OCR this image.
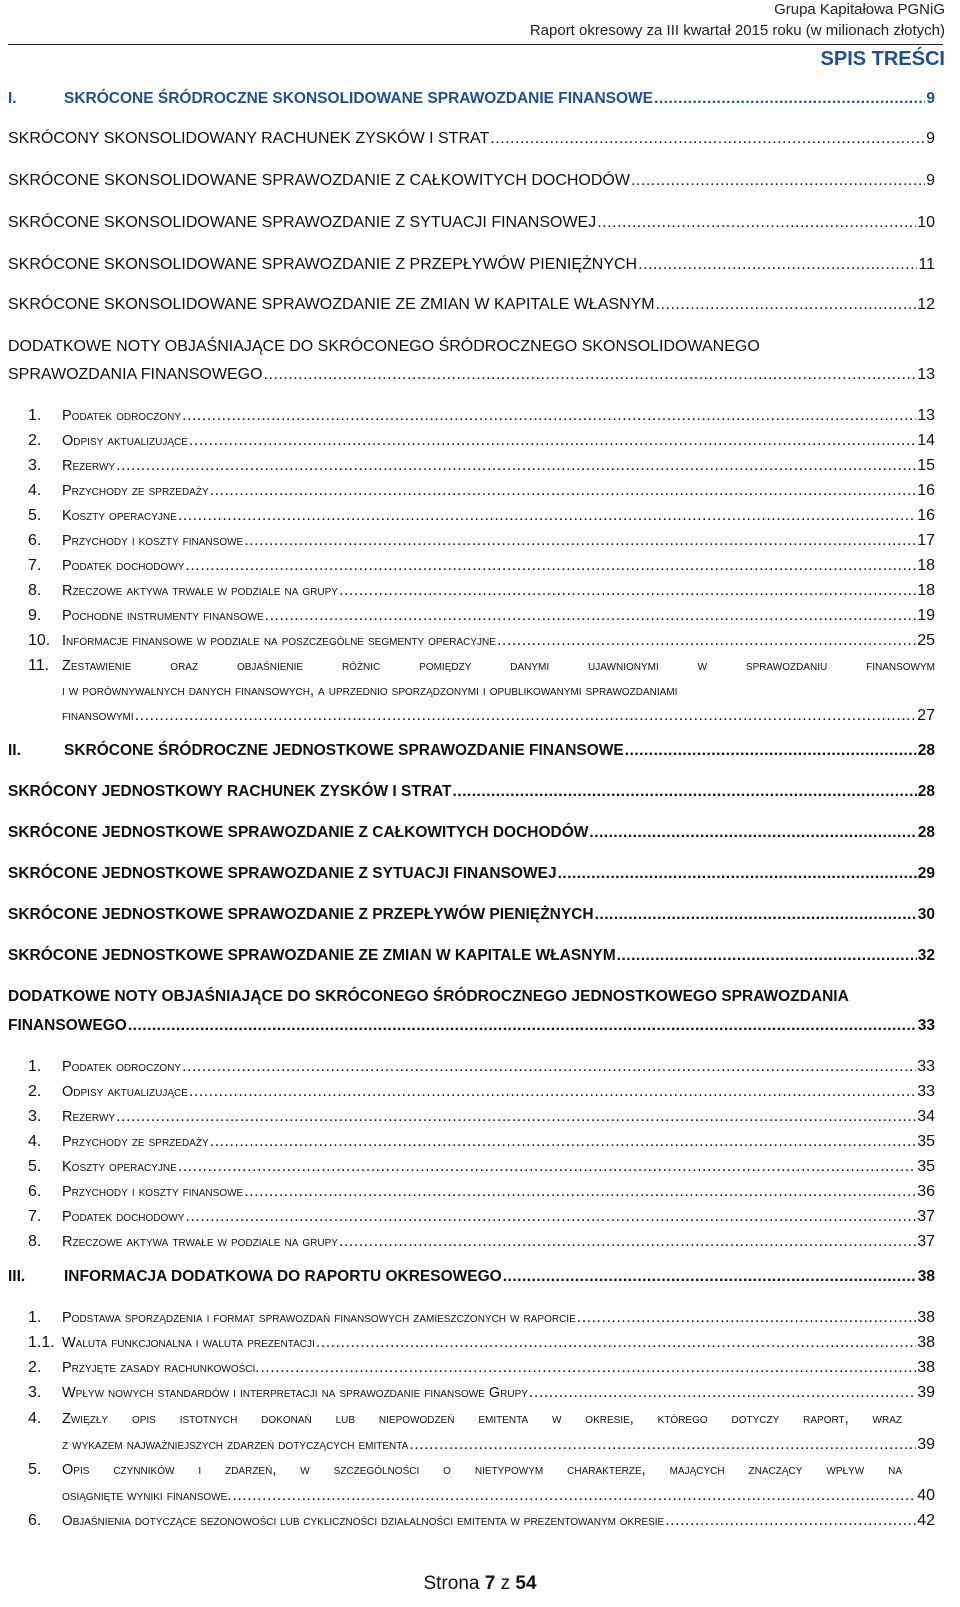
Grupa Kapitałowa PGNiG
Raport okresowy za III kwartał 2015 roku (w milionach złotych)
SPIS TREŚCI
I.	SKRÓCONE ŚRÓDROCZNE SKONSOLIDOWANE SPRAWOZDANIE FINANSOWE .....	9
SKRÓCONY SKONSOLIDOWANY RACHUNEK ZYSKÓW I STRAT .....	9
SKRÓCONE SKONSOLIDOWANE SPRAWOZDANIE Z CAŁKOWITYCH DOCHODÓW .....	9
SKRÓCONE SKONSOLIDOWANE SPRAWOZDANIE Z SYTUACJI FINANSOWEJ .....	10
SKRÓCONE SKONSOLIDOWANE SPRAWOZDANIE Z PRZEPŁYWÓW PIENIĘŻNYCH .....	11
SKRÓCONE SKONSOLIDOWANE SPRAWOZDANIE ZE ZMIAN W KAPITALE WŁASNYM .....	12
DODATKOWE NOTY OBJAŚNIAJĄCE DO SKRÓCONEGO ŚRÓDROCZNEGO SKONSOLIDOWANEGO
SPRAWOZDANIA FINANSOWEGO .....	13
1.	Podatek odroczony .....	13
2.	Odpisy aktualizujące .....	14
3.	Rezerwy .....	15
4.	Przychody ze sprzedaży .....	16
5.	Koszty operacyjne .....	16
6.	Przychody i koszty finansowe .....	17
7.	Podatek dochodowy .....	18
8.	Rzeczowe aktywa trwałe w podziale na grupy .....	18
9.	Pochodne instrumenty finansowe .....	19
10. Informacje finansowe w podziale na poszczególne segmenty operacyjne .....	25
11. Zestawienie oraz objaśnienie różnic pomiędzy danymi ujawnionymi w sprawozdaniu finansowym
i w porównywalnych danych finansowych, a uprzednio sporządzonymi i opublikowanymi sprawozdaniami
finansowymi .....	27
II.	SKRÓCONE ŚRÓDROCZNE JEDNOSTKOWE SPRAWOZDANIE FINANSOWE .....	28
SKRÓCONY JEDNOSTKOWY RACHUNEK ZYSKÓW I STRAT .....	28
SKRÓCONE JEDNOSTKOWE SPRAWOZDANIE Z CAŁKOWITYCH DOCHODÓW .....	28
SKRÓCONE JEDNOSTKOWE SPRAWOZDANIE Z SYTUACJI FINANSOWEJ .....	29
SKRÓCONE JEDNOSTKOWE SPRAWOZDANIE Z PRZEPŁYWÓW PIENIĘŻNYCH .....	30
SKRÓCONE JEDNOSTKOWE SPRAWOZDANIE ZE ZMIAN W KAPITALE WŁASNYM .....	32
DODATKOWE NOTY OBJAŚNIAJĄCE DO SKRÓCONEGO ŚRÓDROCZNEGO JEDNOSTKOWEGO SPRAWOZDANIA
FINANSOWEGO .....	33
1.	Podatek odroczony .....	33
2.	Odpisy aktualizujące .....	33
3.	Rezerwy .....	34
4.	Przychody ze sprzedaży .....	35
5.	Koszty operacyjne .....	35
6.	Przychody i koszty finansowe .....	36
7.	Podatek dochodowy .....	37
8.	Rzeczowe aktywa trwałe w podziale na grupy .....	37
III.	INFORMACJA DODATKOWA DO RAPORTU OKRESOWEGO .....	38
1.	Podstawa sporządzenia i format sprawozdań finansowych zamieszczonych w raporcie .....	38
1.1. Waluta funkcjonalna i waluta prezentacji .....	38
2.	Przyjęte zasady rachunkowości. .....	38
3.	Wpływ nowych standardów i interpretacji na sprawozdanie finansowe Grupy .....	39
4. Zwięzły opis istotnych dokonań lub niepowodzeń emitenta w okresie, którego dotyczy raport, wraz
z wykazem najważniejszych zdarzeń dotyczących emitenta .....	39
5. Opis czynników i zdarzeń, w szczególności o nietypowym charakterze, mających znaczący wpływ na
osiągnięte wyniki finansowe. .....	40
6.	Objaśnienia dotyczące sezonowości lub cykliczności działalności emitenta w prezentowanym okresie .....	42
Strona 7 z 54
